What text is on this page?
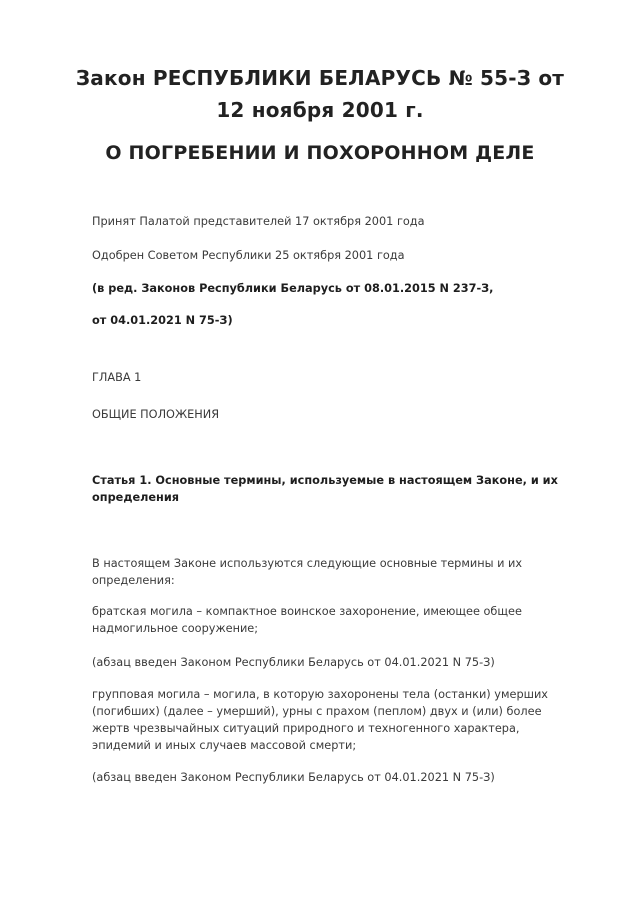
Закон РЕСПУБЛИКИ БЕЛАРУСЬ № 55-З от
12 ноября 2001 г.
О ПОГРЕБЕНИИ И ПОХОРОННОМ ДЕЛЕ
Принят Палатой представителей 17 октября 2001 года
Одобрен Советом Республики 25 октября 2001 года
(в ред. Законов Республики Беларусь от 08.01.2015 N 237-З,
от 04.01.2021 N 75-З)
ГЛАВА 1
ОБЩИЕ ПОЛОЖЕНИЯ
Статья 1. Основные термины, используемые в настоящем Законе, и их определения
В настоящем Законе используются следующие основные термины и их определения:
братская могила – компактное воинское захоронение, имеющее общее надмогильное сооружение;
(абзац введен Законом Республики Беларусь от 04.01.2021 N 75-З)
групповая могила – могила, в которую захоронены тела (останки) умерших (погибших) (далее – умерший), урны с прахом (пеплом) двух и (или) более жертв чрезвычайных ситуаций природного и техногенного характера, эпидемий и иных случаев массовой смерти;
(абзац введен Законом Республики Беларусь от 04.01.2021 N 75-З)
